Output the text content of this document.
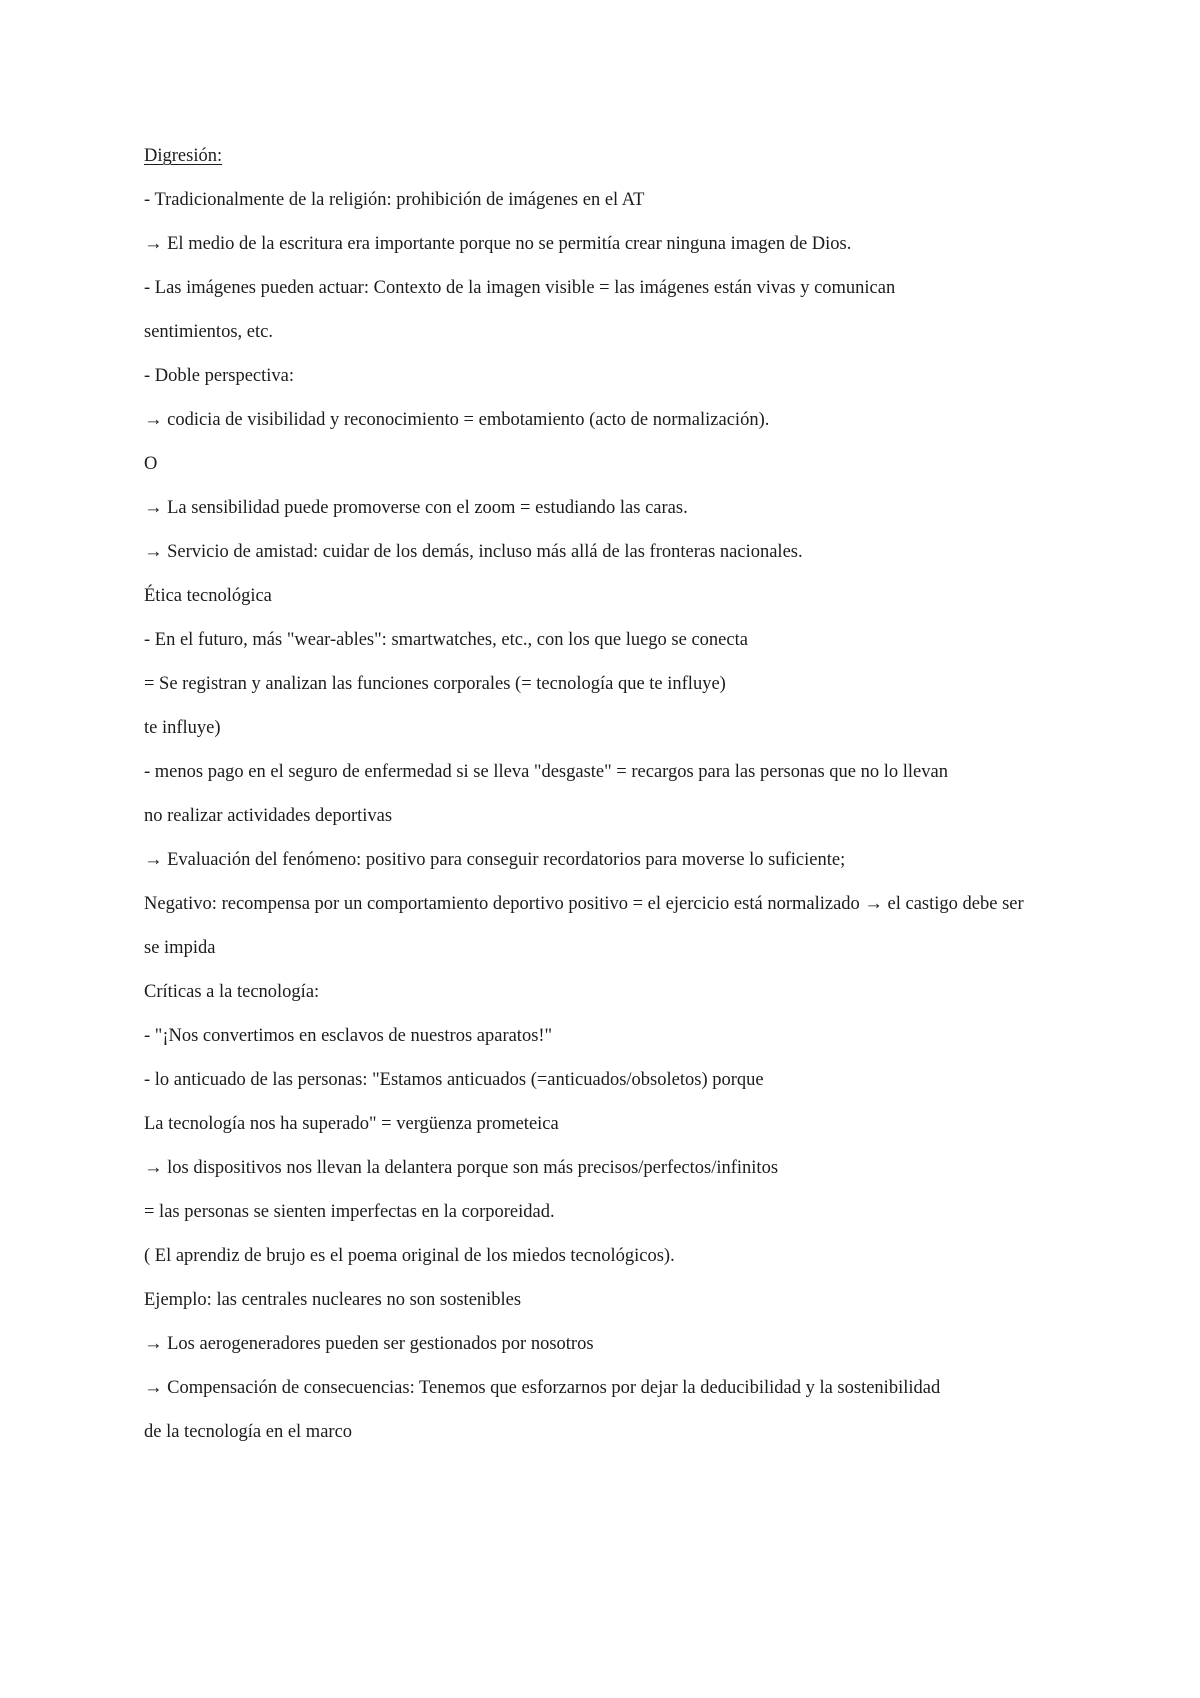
Digresión:
- Tradicionalmente de la religión: prohibición de imágenes en el AT
→ El medio de la escritura era importante porque no se permitía crear ninguna imagen de Dios.
- Las imágenes pueden actuar: Contexto de la imagen visible = las imágenes están vivas y comunican
sentimientos, etc.
- Doble perspectiva:
→ codicia de visibilidad y reconocimiento = embotamiento (acto de normalización).
O
→ La sensibilidad puede promoverse con el zoom = estudiando las caras.
→ Servicio de amistad: cuidar de los demás, incluso más allá de las fronteras nacionales.
Ética tecnológica
- En el futuro, más "wear-ables": smartwatches, etc., con los que luego se conecta
= Se registran y analizan las funciones corporales (= tecnología que te influye)
te influye)
- menos pago en el seguro de enfermedad si se lleva "desgaste" = recargos para las personas que no lo llevan
no realizar actividades deportivas
→ Evaluación del fenómeno: positivo para conseguir recordatorios para moverse lo suficiente;
Negativo: recompensa por un comportamiento deportivo positivo = el ejercicio está normalizado → el castigo debe ser
se impida
Críticas a la tecnología:
- "¡Nos convertimos en esclavos de nuestros aparatos!"
- lo anticuado de las personas: "Estamos anticuados (=anticuados/obsoletos) porque
La tecnología nos ha superado" = vergüenza prometeica
→ los dispositivos nos llevan la delantera porque son más precisos/perfectos/infinitos
= las personas se sienten imperfectas en la corporeidad.
( El aprendiz de brujo es el poema original de los miedos tecnológicos).
Ejemplo: las centrales nucleares no son sostenibles
→ Los aerogeneradores pueden ser gestionados por nosotros
→ Compensación de consecuencias: Tenemos que esforzarnos por dejar la deducibilidad y la sostenibilidad
de la tecnología en el marco
